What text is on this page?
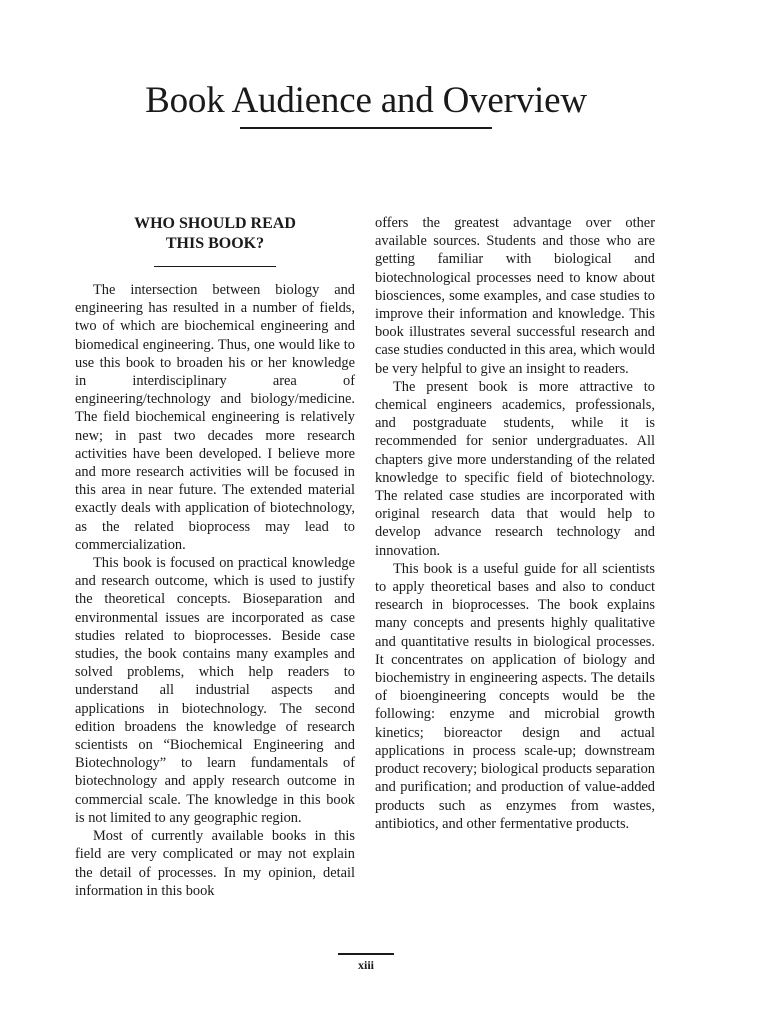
Book Audience and Overview
WHO SHOULD READ
THIS BOOK?

The intersection between biology and engineering has resulted in a number of fields, two of which are biochemical engineering and biomedical engineering. Thus, one would like to use this book to broaden his or her knowledge in interdisciplinary area of engineering/technology and biology/medicine. The field biochemical engineering is relatively new; in past two decades more research activities have been developed. I believe more and more research activities will be focused in this area in near future. The extended material exactly deals with application of biotechnology, as the related bioprocess may lead to commercialization.

This book is focused on practical knowledge and research outcome, which is used to justify the theoretical concepts. Bioseparation and environmental issues are incorporated as case studies related to bioprocesses. Beside case studies, the book contains many examples and solved problems, which help readers to understand all industrial aspects and applications in biotechnology. The second edition broadens the knowledge of research scientists on “Biochemical Engineering and Biotechnology” to learn fundamentals of biotechnology and apply research outcome in commercial scale. The knowledge in this book is not limited to any geographic region.

Most of currently available books in this field are very complicated or may not explain the detail of processes. In my opinion, detail information in this book

offers the greatest advantage over other available sources. Students and those who are getting familiar with biological and biotechnological processes need to know about biosciences, some examples, and case studies to improve their information and knowledge. This book illustrates several successful research and case studies conducted in this area, which would be very helpful to give an insight to readers.

The present book is more attractive to chemical engineers academics, professionals, and postgraduate students, while it is recommended for senior undergraduates. All chapters give more understanding of the related knowledge to specific field of biotechnology. The related case studies are incorporated with original research data that would help to develop advance research technology and innovation.

This book is a useful guide for all scientists to apply theoretical bases and also to conduct research in bioprocesses. The book explains many concepts and presents highly qualitative and quantitative results in biological processes. It concentrates on application of biology and biochemistry in engineering aspects. The details of bioengineering concepts would be the following: enzyme and microbial growth kinetics; bioreactor design and actual applications in process scale-up; downstream product recovery; biological products separation and purification; and production of value-added products such as enzymes from wastes, antibiotics, and other fermentative products.

xiii
